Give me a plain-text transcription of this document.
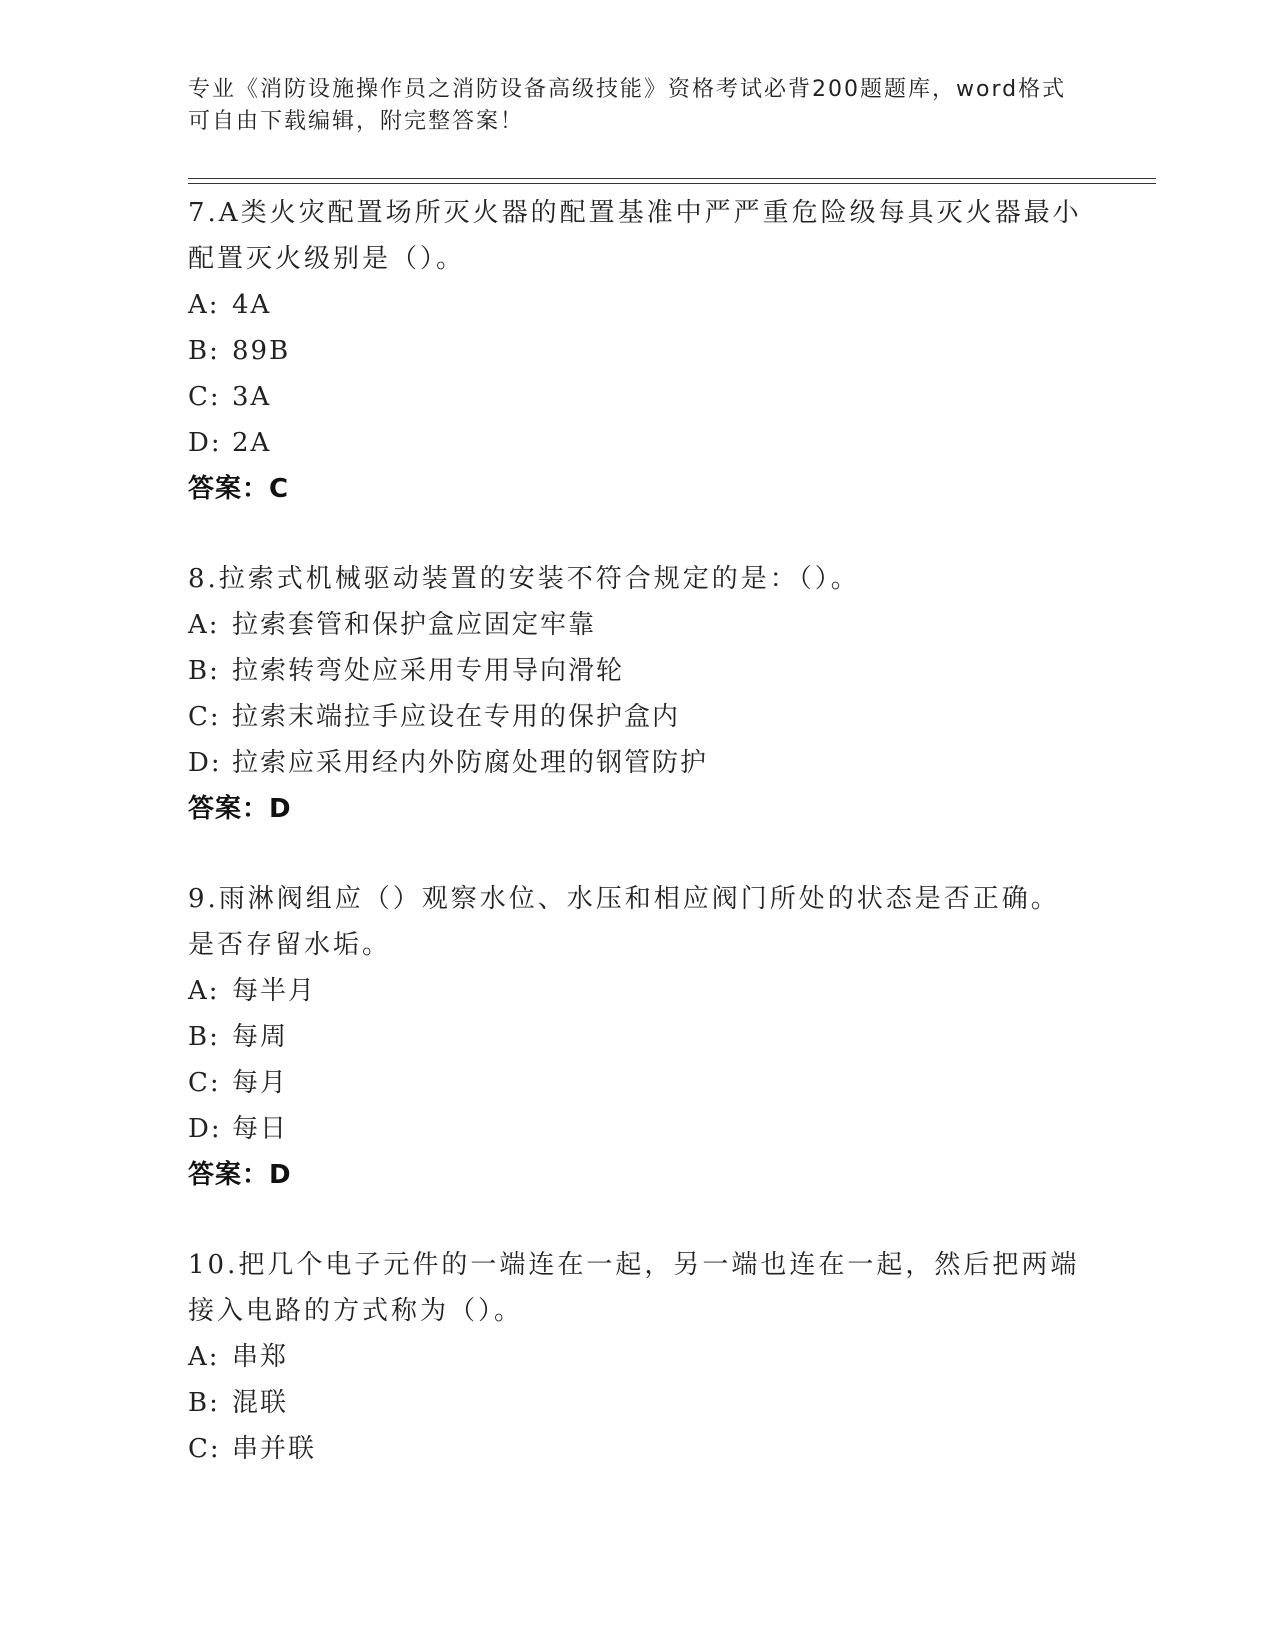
专业《消防设施操作员之消防设备高级技能》资格考试必背200题题库，word格式可自由下载编辑，附完整答案！
7.A类火灾配置场所灭火器的配置基准中严严重危险级每具灭火器最小配置灭火级别是（）。
A: 4A
B: 89B
C: 3A
D: 2A
答案：C
8.拉索式机械驱动装置的安装不符合规定的是：（）。
A: 拉索套管和保护盒应固定牢靠
B: 拉索转弯处应采用专用导向滑轮
C: 拉索末端拉手应设在专用的保护盒内
D: 拉索应采用经内外防腐处理的钢管防护
答案：D
9.雨淋阀组应（）观察水位、水压和相应阀门所处的状态是否正确。是否存留水垢。
A: 每半月
B: 每周
C: 每月
D: 每日
答案：D
10.把几个电子元件的一端连在一起，另一端也连在一起，然后把两端接入电路的方式称为（）。
A: 串郑
B: 混联
C: 串并联
